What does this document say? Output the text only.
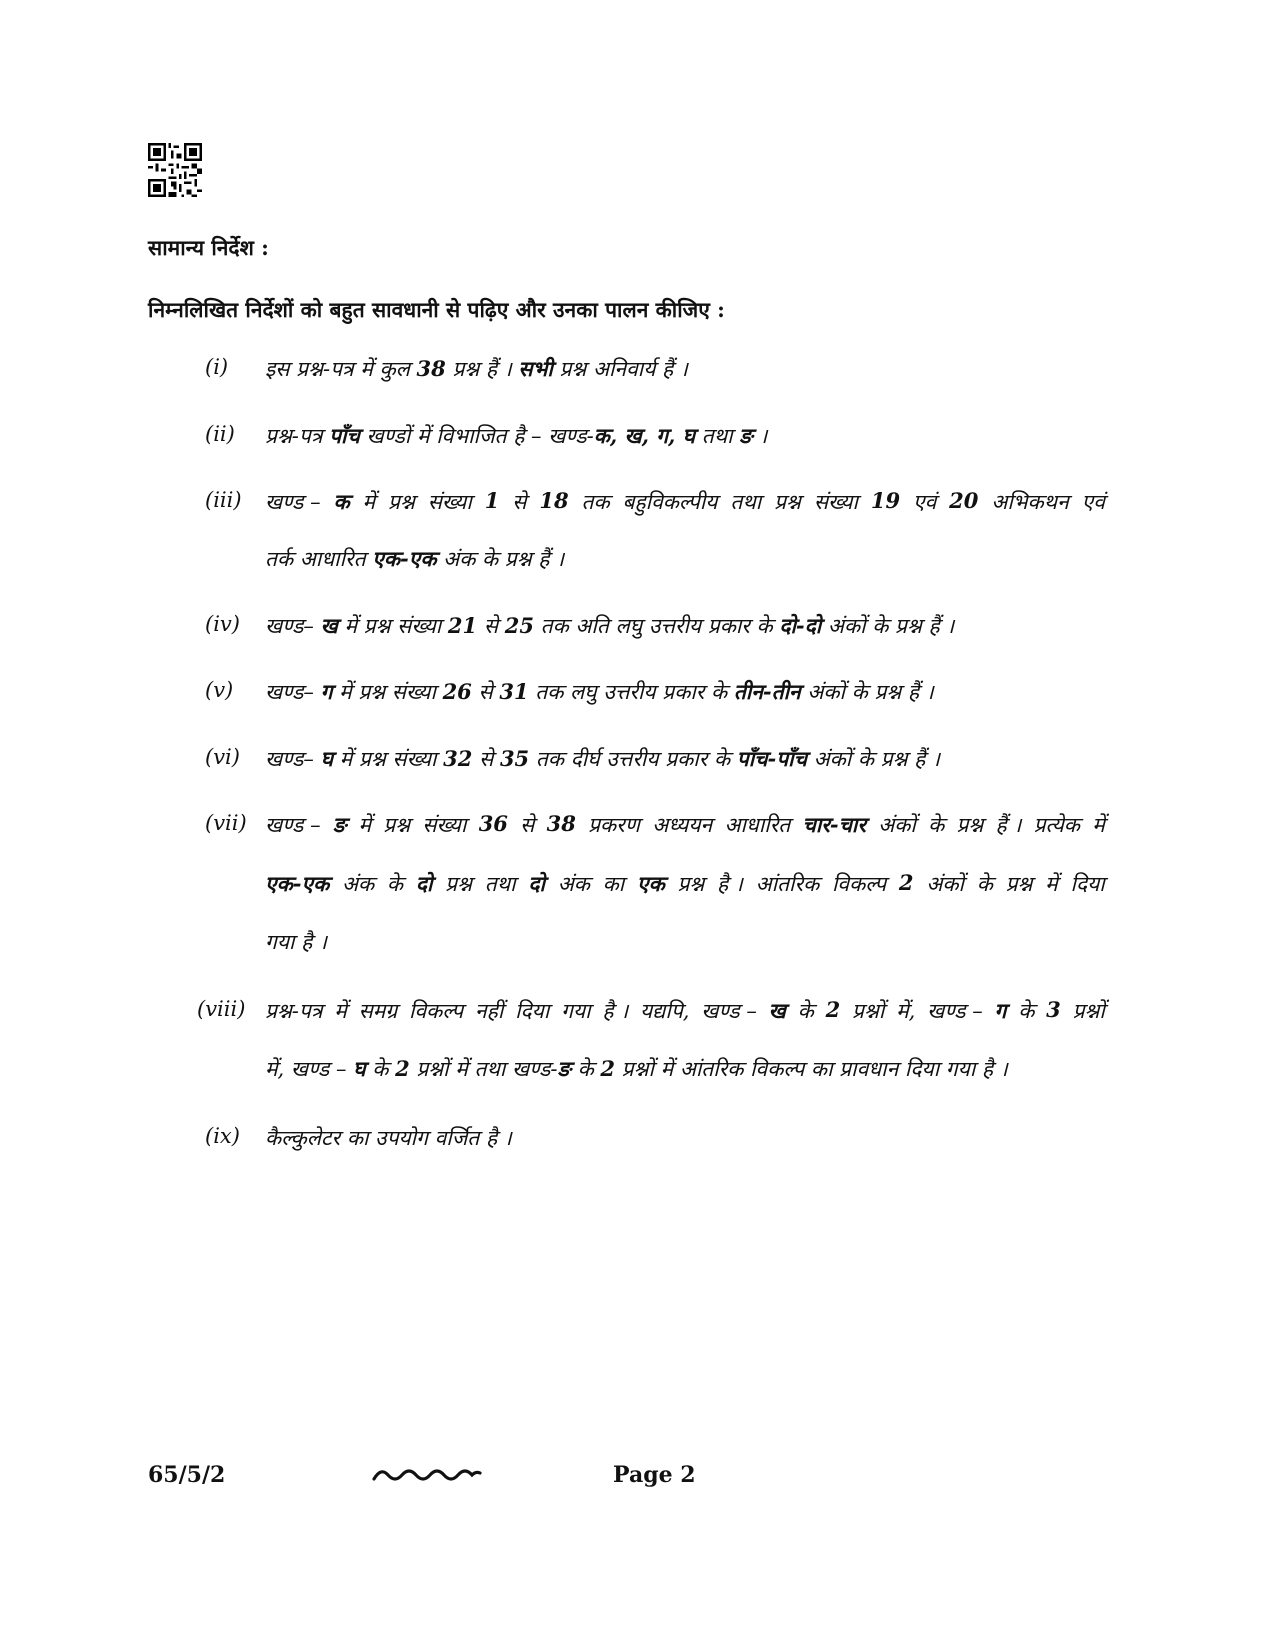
सामान्य निर्देश :
निम्नलिखित निर्देशों को बहुत सावधानी से पढ़िए और उनका पालन कीजिए :
(i) इस प्रश्न-पत्र में कुल 38 प्रश्न हैं । सभी प्रश्न अनिवार्य हैं ।
(ii) प्रश्न-पत्र पाँच खण्डों में विभाजित है – खण्ड-क, ख, ग, घ तथा ङ ।
(iii) खण्ड – क में प्रश्न संख्या 1 से 18 तक बहुविकल्पीय तथा प्रश्न संख्या 19 एवं 20 अभिकथन एवं
तर्क आधारित एक-एक अंक के प्रश्न हैं ।
(iv) खण्ड– ख में प्रश्न संख्या 21 से 25 तक अति लघु उत्तरीय प्रकार के दो-दो अंकों के प्रश्न हैं ।
(v) खण्ड– ग में प्रश्न संख्या 26 से 31 तक लघु उत्तरीय प्रकार के तीन-तीन अंकों के प्रश्न हैं ।
(vi) खण्ड– घ में प्रश्न संख्या 32 से 35 तक दीर्घ उत्तरीय प्रकार के पाँच-पाँच अंकों के प्रश्न हैं ।
(vii) खण्ड – ङ में प्रश्न संख्या 36 से 38 प्रकरण अध्ययन आधारित चार-चार अंकों के प्रश्न हैं । प्रत्येक में
एक-एक अंक के दो प्रश्न तथा दो अंक का एक प्रश्न है । आंतरिक विकल्प 2 अंकों के प्रश्न में दिया
गया है ।
(viii) प्रश्न-पत्र में समग्र विकल्प नहीं दिया गया है । यद्यपि, खण्ड – ख के 2 प्रश्नों में, खण्ड – ग के 3 प्रश्नों
में, खण्ड – घ के 2 प्रश्नों में तथा खण्ड-ङ के 2 प्रश्नों में आंतरिक विकल्प का प्रावधान दिया गया है ।
(ix) कैल्कुलेटर का उपयोग वर्जित है ।
65/5/2	Page 2
